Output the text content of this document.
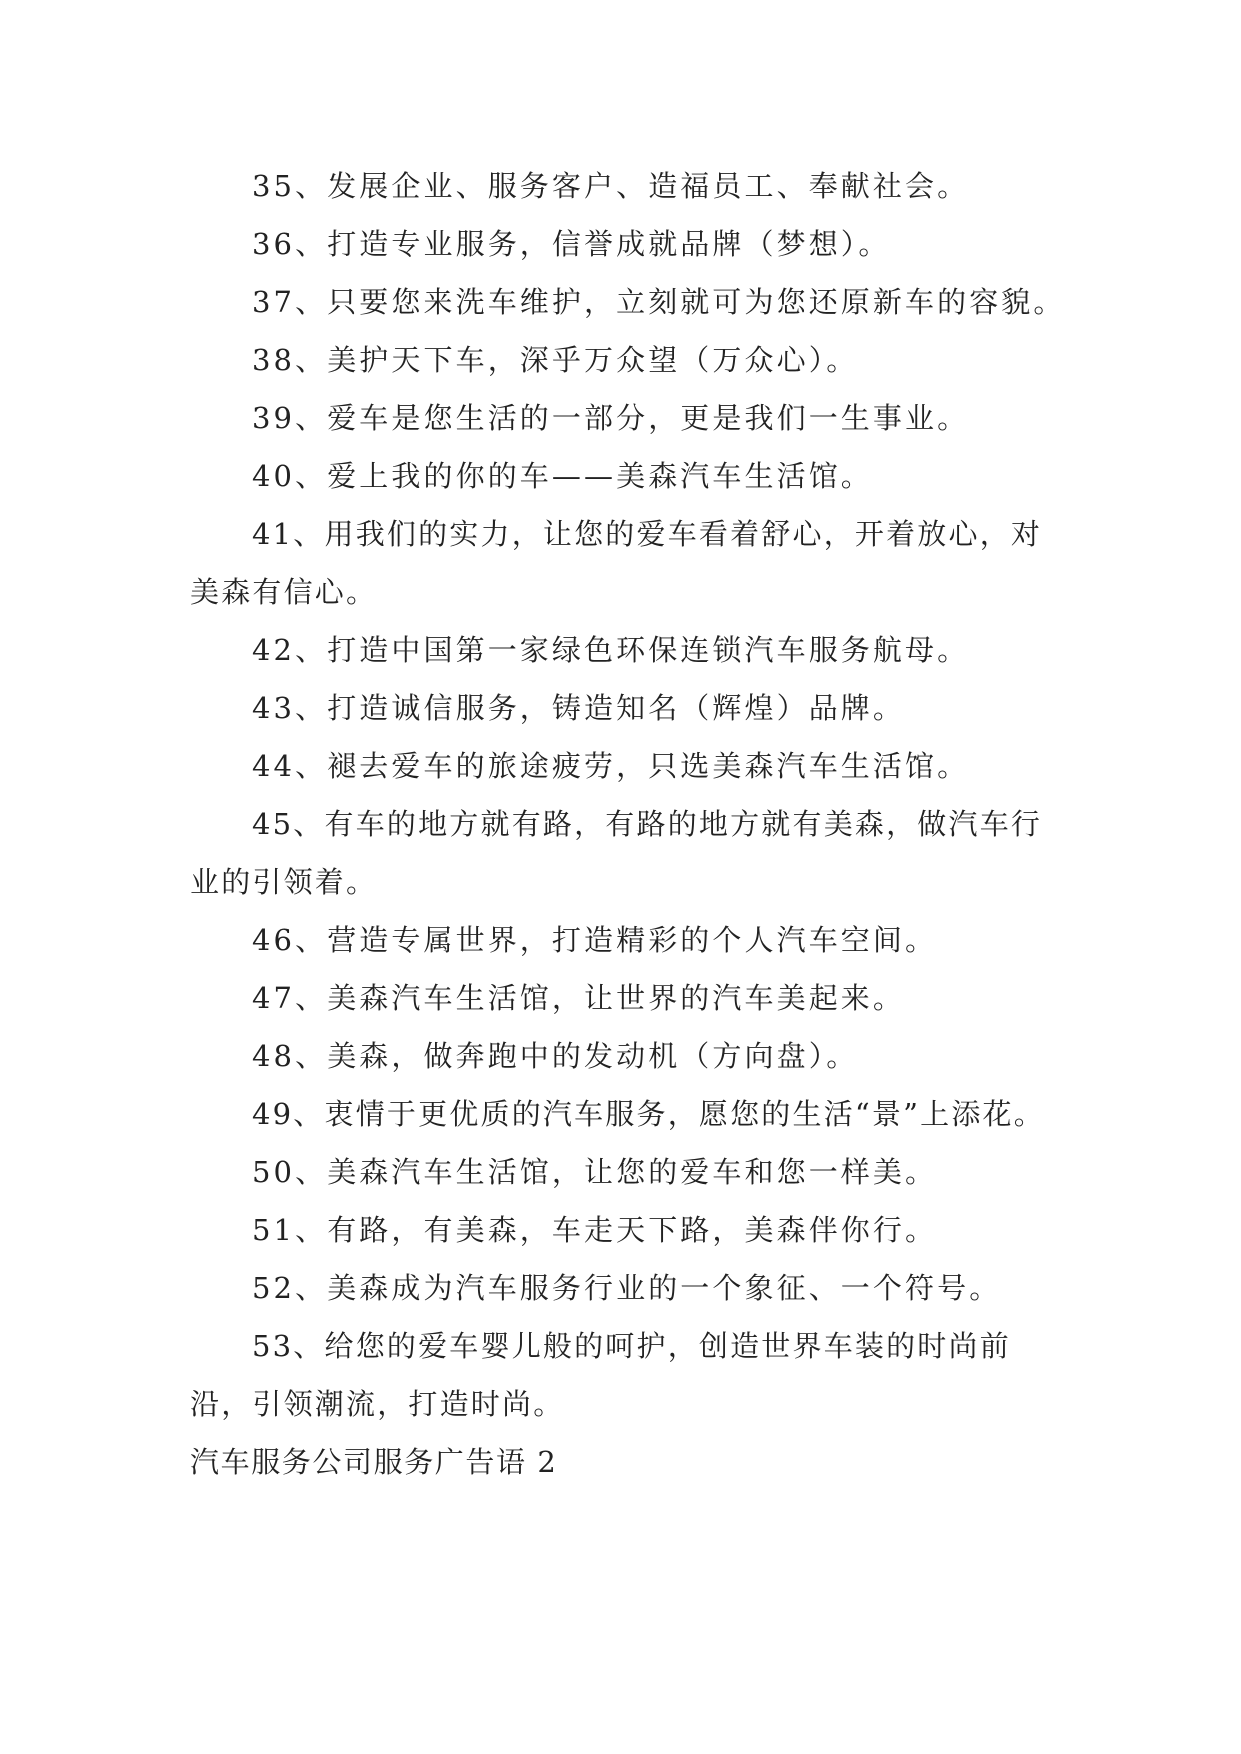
35、发展企业、服务客户、造福员工、奉献社会。

36、打造专业服务，信誉成就品牌（梦想）。

37、只要您来洗车维护，立刻就可为您还原新车的容貌。

38、美护天下车，深乎万众望（万众心）。

39、爱车是您生活的一部分，更是我们一生事业。

40、爱上我的你的车——美森汽车生活馆。

41、用我们的实力，让您的爱车看着舒心，开着放心，对美森有信心。

42、打造中国第一家绿色环保连锁汽车服务航母。

43、打造诚信服务，铸造知名（辉煌）品牌。

44、褪去爱车的旅途疲劳，只选美森汽车生活馆。

45、有车的地方就有路，有路的地方就有美森，做汽车行业的引领着。

46、营造专属世界，打造精彩的个人汽车空间。

47、美森汽车生活馆，让世界的汽车美起来。

48、美森，做奔跑中的发动机（方向盘）。

49、衷情于更优质的汽车服务，愿您的生活“景”上添花。

50、美森汽车生活馆，让您的爱车和您一样美。

51、有路，有美森，车走天下路，美森伴你行。

52、美森成为汽车服务行业的一个象征、一个符号。

53、给您的爱车婴儿般的呵护，创造世界车装的时尚前沿，引领潮流，打造时尚。

汽车服务公司服务广告语 2
